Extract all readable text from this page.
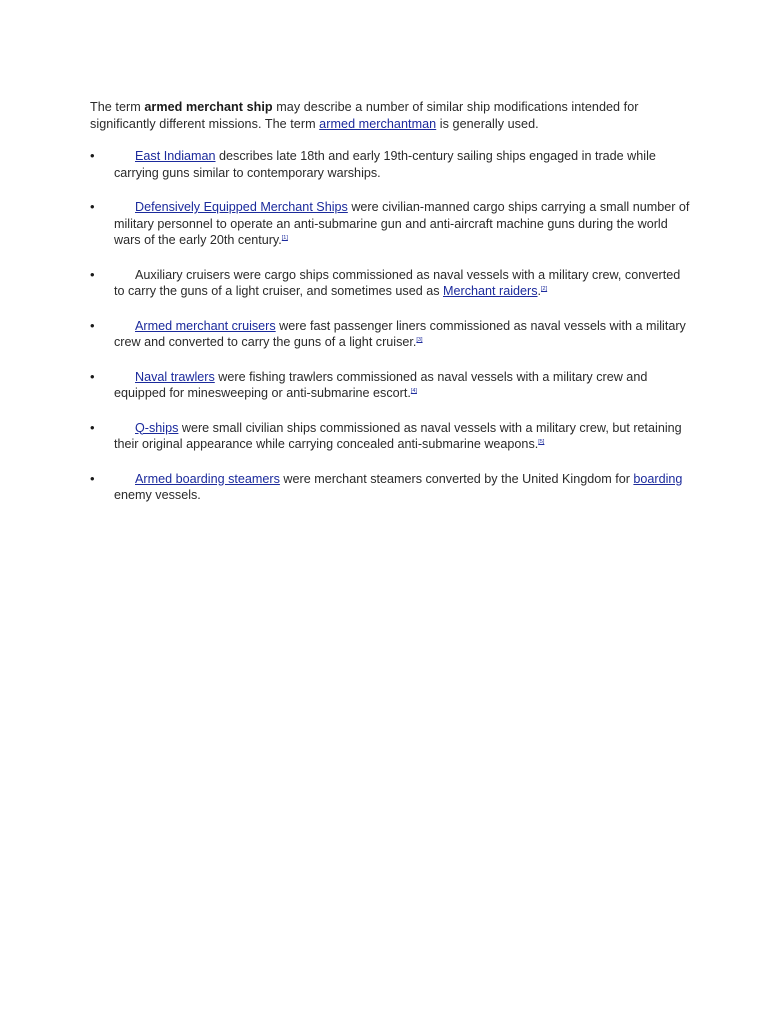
The term armed merchant ship may describe a number of similar ship modifications intended for significantly different missions. The term armed merchantman is generally used.

•	East Indiaman describes late 18th and early 19th-century sailing ships engaged in trade while carrying guns similar to contemporary warships.
•	Defensively Equipped Merchant Ships were civilian-manned cargo ships carrying a small number of military personnel to operate an anti-submarine gun and anti-aircraft machine guns during the world wars of the early 20th century.[1]
•	Auxiliary cruisers were cargo ships commissioned as naval vessels with a military crew, converted to carry the guns of a light cruiser, and sometimes used as Merchant raiders.[2]
•	Armed merchant cruisers were fast passenger liners commissioned as naval vessels with a military crew and converted to carry the guns of a light cruiser.[3]
•	Naval trawlers were fishing trawlers commissioned as naval vessels with a military crew and equipped for minesweeping or anti-submarine escort.[4]
•	Q-ships were small civilian ships commissioned as naval vessels with a military crew, but retaining their original appearance while carrying concealed anti-submarine weapons.[5]
•	Armed boarding steamers were merchant steamers converted by the United Kingdom for boarding enemy vessels.
